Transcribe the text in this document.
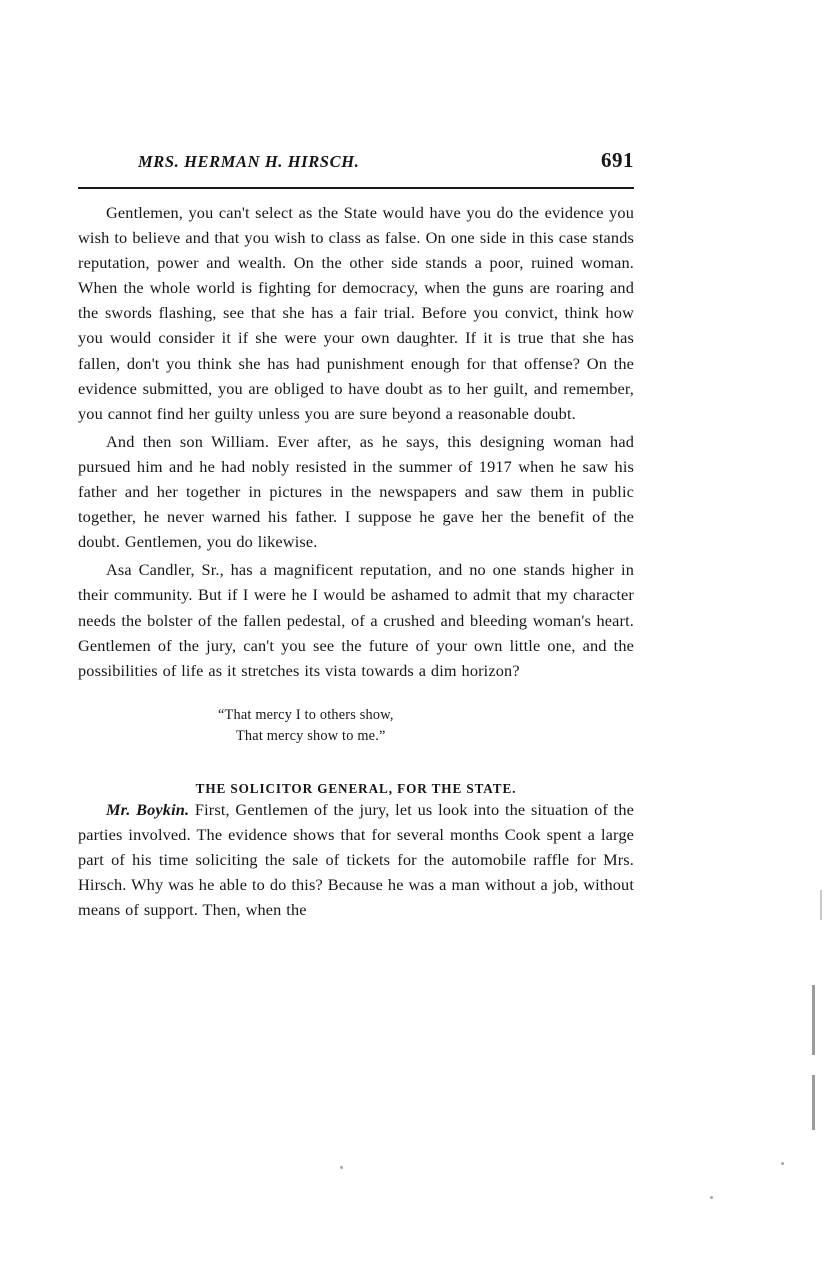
MRS. HERMAN H. HIRSCH.	691

Gentlemen, you can't select as the State would have you do the evidence you wish to believe and that you wish to class as false. On one side in this case stands reputation, power and wealth. On the other side stands a poor, ruined woman. When the whole world is fighting for democracy, when the guns are roaring and the swords flashing, see that she has a fair trial. Before you convict, think how you would consider it if she were your own daughter. If it is true that she has fallen, don't you think she has had punishment enough for that offense? On the evidence submitted, you are obliged to have doubt as to her guilt, and remember, you cannot find her guilty unless you are sure beyond a reasonable doubt.

And then son William. Ever after, as he says, this designing woman had pursued him and he had nobly resisted in the summer of 1917 when he saw his father and her together in pictures in the newspapers and saw them in public together, he never warned his father. I suppose he gave her the benefit of the doubt. Gentlemen, you do likewise.

Asa Candler, Sr., has a magnificent reputation, and no one stands higher in their community. But if I were he I would be ashamed to admit that my character needs the bolster of the fallen pedestal, of a crushed and bleeding woman's heart. Gentlemen of the jury, can't you see the future of your own little one, and the possibilities of life as it stretches its vista towards a dim horizon?

“That mercy I to others show,
That mercy show to me.”
THE SOLICITOR GENERAL, FOR THE STATE.

Mr. Boykin. First, Gentlemen of the jury, let us look into the situation of the parties involved. The evidence shows that for several months Cook spent a large part of his time soliciting the sale of tickets for the automobile raffle for Mrs. Hirsch. Why was he able to do this? Because he was a man without a job, without means of support. Then, when the
